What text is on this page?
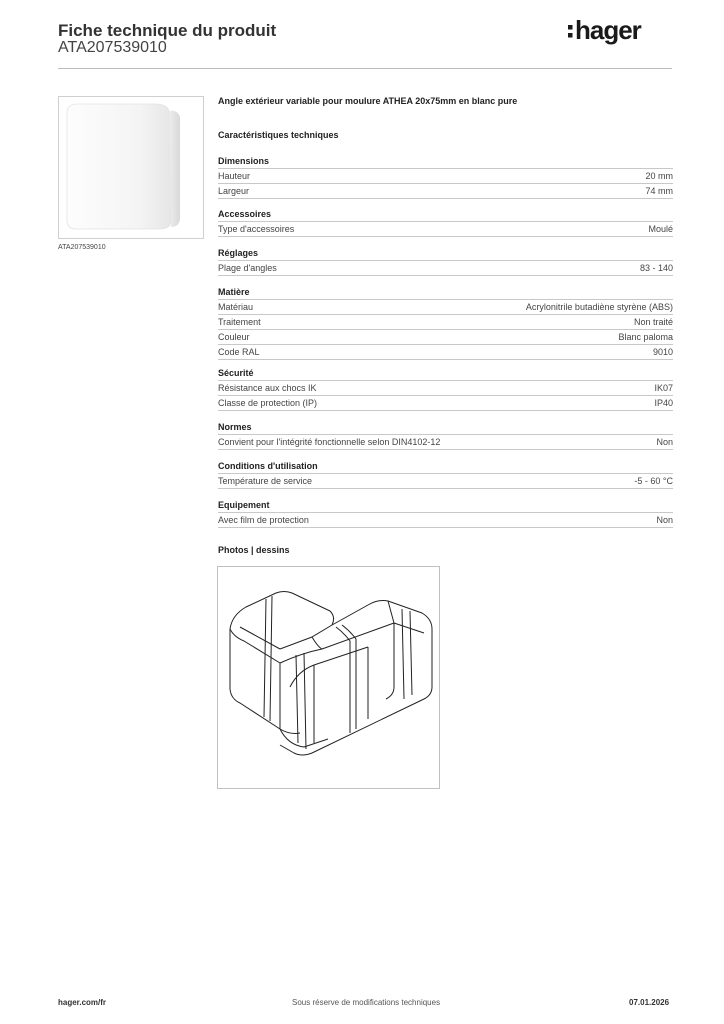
Fiche technique du produit
ATA207539010
hager
ATA207539010
Angle extérieur variable pour moulure ATHEA 20x75mm en blanc pure
Caractéristiques techniques
Dimensions
Hauteur	20 mm
Largeur	74 mm
Accessoires
Type d'accessoires	Moulé
Réglages
Plage d'angles	83 - 140
Matière
Matériau	Acrylonitrile butadiène styrène (ABS)
Traitement	Non traité
Couleur	Blanc paloma
Code RAL	9010
Sécurité
Résistance aux chocs IK	IK07
Classe de protection (IP)	IP40
Normes
Convient pour l'intégrité fonctionnelle selon DIN4102-12	Non
Conditions d'utilisation
Température de service	-5 - 60 °C
Equipement
Avec film de protection	Non
Photos | dessins
hager.com/fr	Sous réserve de modifications techniques	07.01.2026
